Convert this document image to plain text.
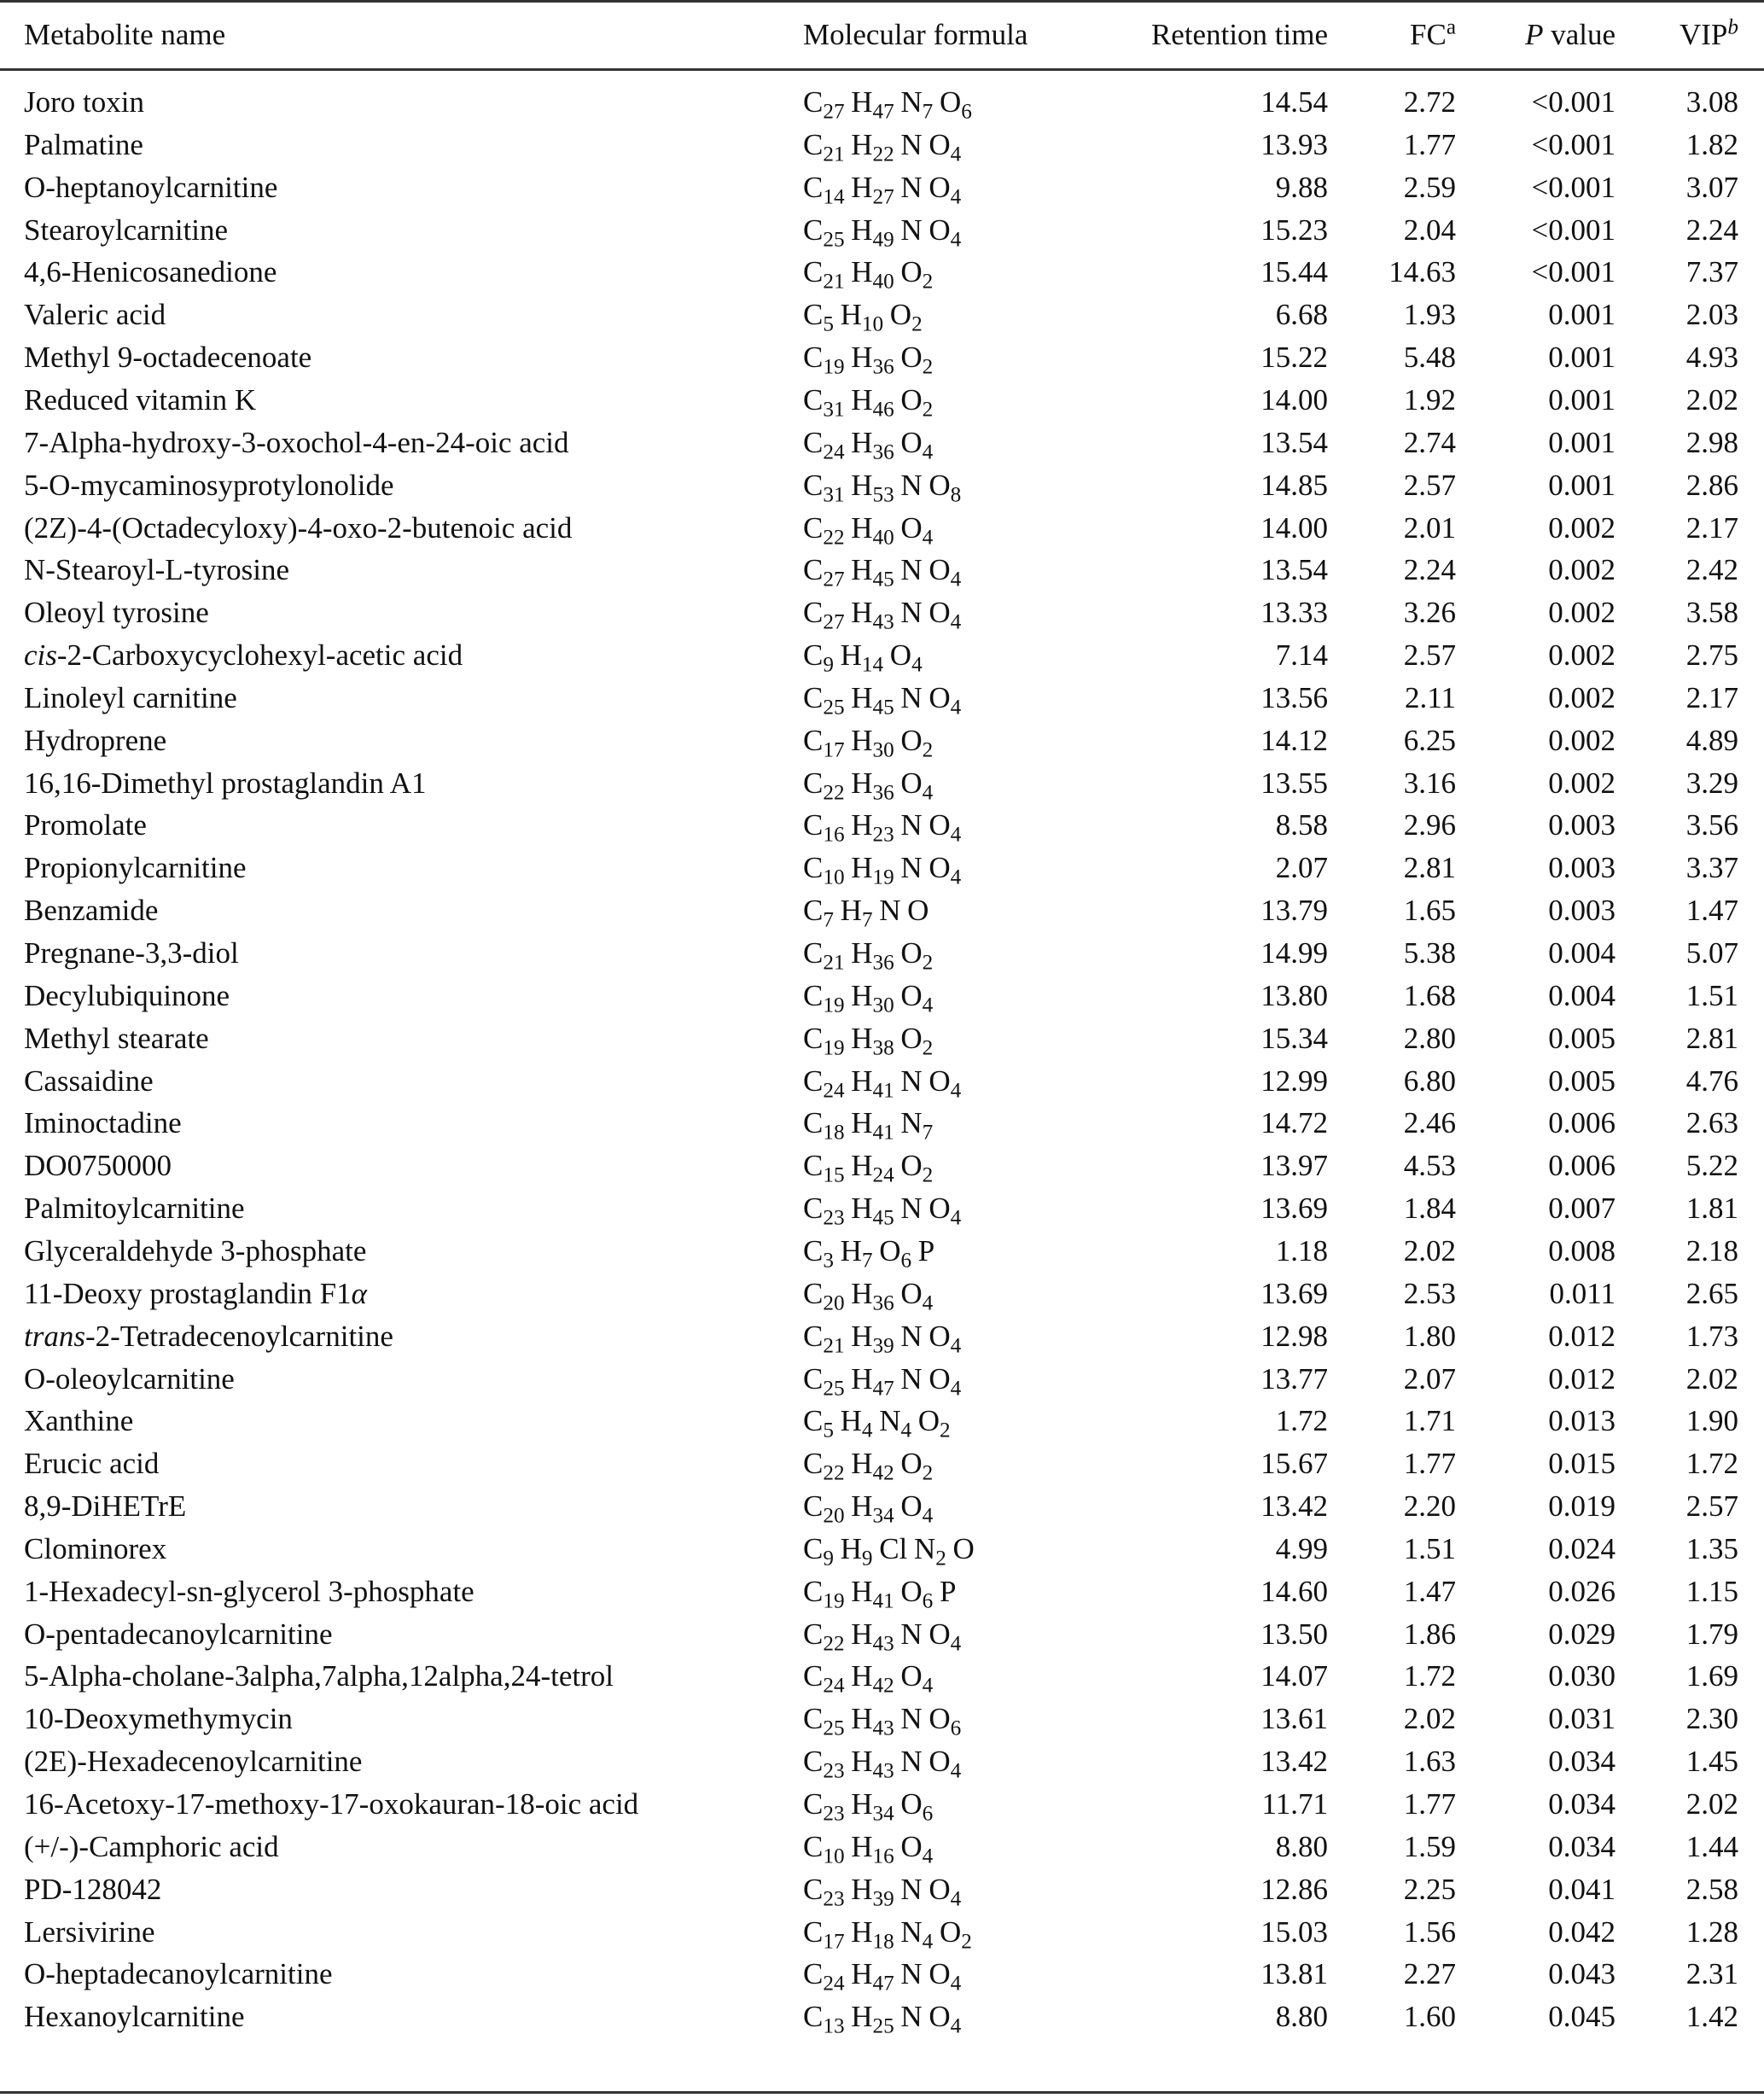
Metabolite name	Molecular formula	Retention time	$FC^a$ P value VIP$^b$
Joro toxin	$C_{27}$ $H_{47}$ $N_7$ $O_6$	14.54	2.72	<0.001 3.08
Palmatine	$C_{21}$ $H_{22}$ N $O_4$	13.93	1.77	<0.001 1.82
O-heptanoylcarnitine	$C_{14}$ $H_{27}$ N $O_4$	9.88	2.59	<0.001 3.07
Stearoylcarnitine	$C_{25}$ $H_{49}$ N $O_4$	15.23	2.04	<0.001 2.24
4,6-Henicosanedione	$C_{21}$ $H_{40}$ $O_2$	15.44 14.63	<0.001 7.37
Valeric acid	$C_5$ $H_{10}$ $O_2$	6.68	1.93	0.001 2.03
Methyl 9-octadecenoate	$C_{19}$ $H_{36}$ $O_2$	15.22	5.48	0.001 4.93
Reduced vitamin K	$C_{31}$ $H_{46}$ $O_2$	14.00	1.92	0.001 2.02
7-Alpha-hydroxy-3-oxochol-4-en-24-oic acid	$C_{24}$ $H_{36}$ $O_4$	13.54	2.74	0.001 2.98
5-O-mycaminosyprotylonolide	$C_{31}$ $H_{53}$ N $O_8$	14.85	2.57	0.001 2.86
(2Z)-4-(Octadecyloxy)-4-oxo-2-butenoic acid	$C_{22}$ $H_{40}$ $O_4$	14.00	2.01	0.002 2.17
N-Stearoyl-L-tyrosine	$C_{27}$ $H_{45}$ N $O_4$	13.54	2.24	0.002 2.42
Oleoyl tyrosine	$C_{27}$ $H_{43}$ N $O_4$	13.33	3.26	0.002 3.58
cis-2-Carboxycyclohexyl-acetic acid	$C_9$ $H_{14}$ $O_4$	7.14	2.57	0.002 2.75
Linoleyl carnitine	$C_{25}$ $H_{45}$ N $O_4$	13.56	2.11	0.002 2.17
Hydroprene	$C_{17}$ $H_{30}$ $O_2$	14.12	6.25	0.002 4.89
16,16-Dimethyl prostaglandin A1	$C_{22}$ $H_{36}$ $O_4$	13.55	3.16	0.002 3.29
Promolate	$C_{16}$ $H_{23}$ N $O_4$	8.58	2.96	0.003 3.56
Propionylcarnitine	$C_{10}$ $H_{19}$ N $O_4$	2.07	2.81	0.003 3.37
Benzamide	$C_7$ $H_7$ N O	13.79	1.65	0.003 1.47
Pregnane-3,3-diol	$C_{21}$ $H_{36}$ $O_2$	14.99	5.38	0.004 5.07
Decylubiquinone	$C_{19}$ $H_{30}$ $O_4$	13.80	1.68	0.004 1.51
Methyl stearate	$C_{19}$ $H_{38}$ $O_2$	15.34	2.80	0.005 2.81
Cassaidine	$C_{24}$ $H_{41}$ N $O_4$	12.99	6.80	0.005 4.76
Iminoctadine	$C_{18}$ $H_{41}$ $N_7$	14.72	2.46	0.006 2.63
DO0750000	$C_{15}$ $H_{24}$ $O_2$	13.97	4.53	0.006 5.22
Palmitoylcarnitine	$C_{23}$ $H_{45}$ N $O_4$	13.69	1.84	0.007 1.81
Glyceraldehyde 3-phosphate	$C_3$ $H_7$ $O_6$ P	1.18	2.02	0.008 2.18
11-Deoxy prostaglandin F1α	$C_{20}$ $H_{36}$ $O_4$	13.69	2.53	0.011 2.65
trans-2-Tetradecenoylcarnitine	$C_{21}$ $H_{39}$ N $O_4$	12.98	1.80	0.012 1.73
O-oleoylcarnitine	$C_{25}$ $H_{47}$ N $O_4$	13.77	2.07	0.012 2.02
Xanthine	$C_5$ $H_4$ $N_4$ $O_2$	1.72	1.71	0.013 1.90
Erucic acid	$C_{22}$ $H_{42}$ $O_2$	15.67	1.77	0.015 1.72
8,9-DiHETrE	$C_{20}$ $H_{34}$ $O_4$	13.42	2.20	0.019 2.57
Clominorex	$C_9$ $H_9$ Cl $N_2$ O	4.99	1.51	0.024 1.35
1-Hexadecyl-sn-glycerol 3-phosphate	$C_{19}$ $H_{41}$ $O_6$ P	14.60	1.47	0.026 1.15
O-pentadecanoylcarnitine	$C_{22}$ $H_{43}$ N $O_4$	13.50	1.86	0.029 1.79
5-Alpha-cholane-3alpha,7alpha,12alpha,24-tetrol	$C_{24}$ $H_{42}$ $O_4$	14.07	1.72	0.030 1.69
10-Deoxymethymycin	$C_{25}$ $H_{43}$ N $O_6$	13.61	2.02	0.031 2.30
(2E)-Hexadecenoylcarnitine	$C_{23}$ $H_{43}$ N $O_4$	13.42	1.63	0.034 1.45
16-Acetoxy-17-methoxy-17-oxokauran-18-oic acid	$C_{23}$ $H_{34}$ $O_6$	11.71	1.77	0.034 2.02
(+/-)-Camphoric acid	$C_{10}$ $H_{16}$ $O_4$	8.80	1.59	0.034 1.44
PD-128042	$C_{23}$ $H_{39}$ N $O_4$	12.86	2.25	0.041 2.58
Lersivirine	$C_{17}$ $H_{18}$ $N_4$ $O_2$	15.03	1.56	0.042 1.28
O-heptadecanoylcarnitine	$C_{24}$ $H_{47}$ N $O_4$	13.81	2.27	0.043 2.31
Hexanoylcarnitine	$C_{13}$ $H_{25}$ N $O_4$	8.80	1.60	0.045 1.42
